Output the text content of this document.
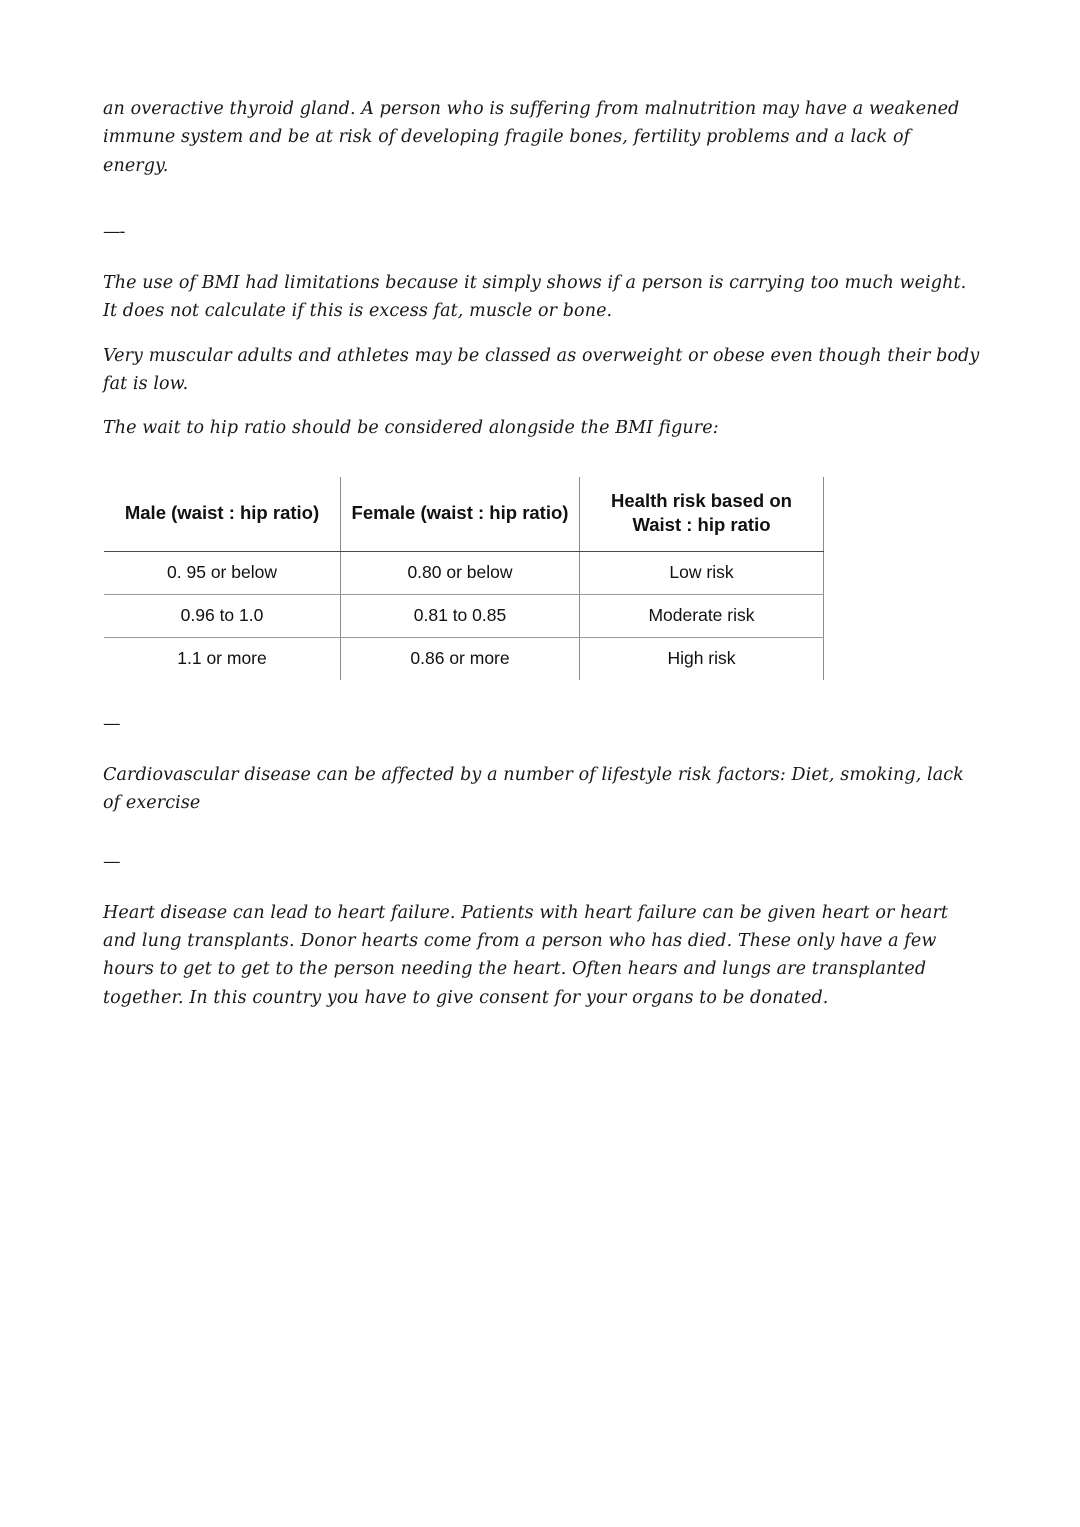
an overactive thyroid gland. A person who is suffering from malnutrition may have a weakened immune system and be at risk of developing fragile bones, fertility problems and a lack of energy.

—-

The use of BMI had limitations because it simply shows if a person is carrying too much weight. It does not calculate if this is excess fat, muscle or bone.

Very muscular adults and athletes may be classed as overweight or obese even though their body fat is low.

The wait to hip ratio should be considered alongside the BMI figure:

Male (waist : hip ratio)	Female (waist : hip ratio)	Health risk based on Waist : hip ratio
0. 95 or below	0.80 or below	Low risk
0.96 to 1.0	0.81 to 0.85	Moderate risk
1.1 or more	0.86 or more	High risk

—

Cardiovascular disease can be affected by a number of lifestyle risk factors: Diet, smoking, lack of exercise

—

Heart disease can lead to heart failure. Patients with heart failure can be given heart or heart and lung transplants. Donor hearts come from a person who has died. These only have a few hours to get to get to the person needing the heart. Often hears and lungs are transplanted together. In this country you have to give consent for your organs to be donated.
